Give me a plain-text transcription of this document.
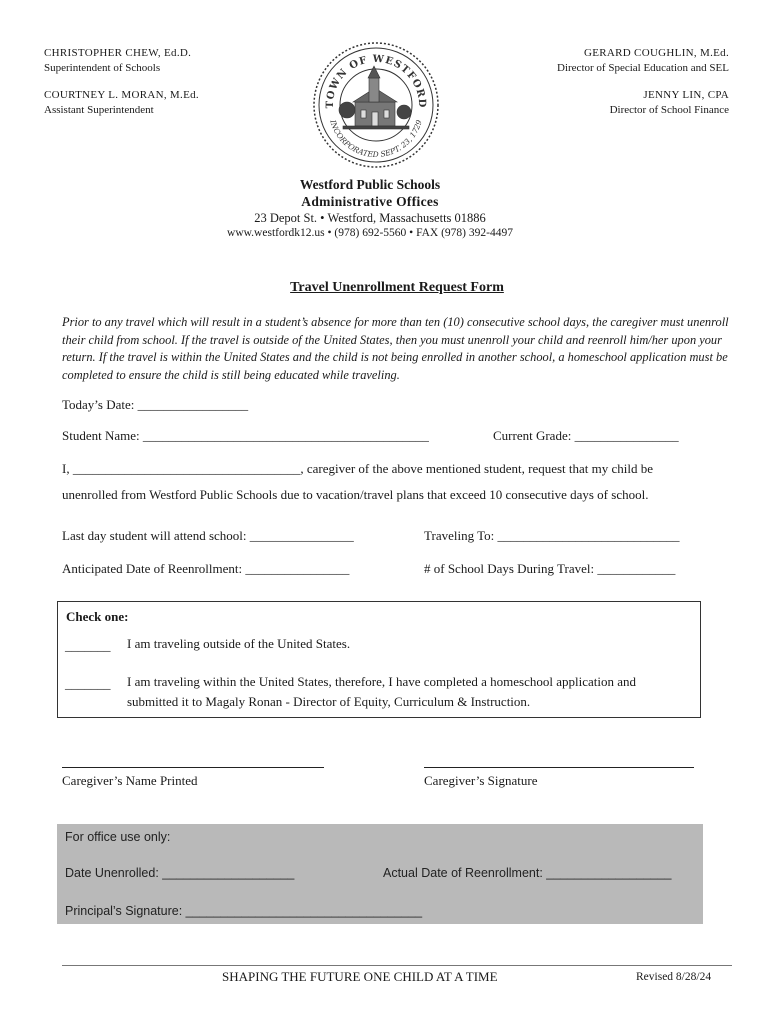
CHRISTOPHER CHEW, Ed.D.
Superintendent of Schools
COURTNEY L. MORAN, M.Ed.
Assistant Superintendent
GERARD COUGHLIN, M.Ed.
Director of Special Education and SEL
JENNY LIN, CPA
Director of School Finance
TOWN OF WESTFORD
INCORPORATED SEPT. 23, 1729
Westford Public Schools
Administrative Offices
23 Depot St. • Westford, Massachusetts 01886
www.westfordk12.us • (978) 692-5560 • FAX (978) 392-4497
Travel Unenrollment Request Form
Prior to any travel which will result in a student’s absence for more than ten (10) consecutive school days, the caregiver must unenroll their child from school. If the travel is outside of the United States, then you must unenroll your child and reenroll him/her upon your return. If the travel is within the United States and the child is not being enrolled in another school, a homeschool application must be completed to ensure the child is still being educated while traveling.
Today’s Date: _________________
Student Name: ____________________________________________	Current Grade: ________________
I, ___________________________________, caregiver of the above mentioned student, request that my child be
unenrolled from Westford Public Schools due to vacation/travel plans that exceed 10 consecutive days of school.
Last day student will attend school: ________________	Traveling To: ____________________________
Anticipated Date of Reenrollment: ________________	# of School Days During Travel: ____________
Check one:
_______ I am traveling outside of the United States.
_______ I am traveling within the United States, therefore, I have completed a homeschool application and
submitted it to Magaly Ronan - Director of Equity, Curriculum & Instruction.
Caregiver’s Name Printed	Caregiver’s Signature
For office use only:
Date Unenrolled: ___________________	Actual Date of Reenrollment: __________________
Principal’s Signature: __________________________________
SHAPING THE FUTURE ONE CHILD AT A TIME	Revised 8/28/24
